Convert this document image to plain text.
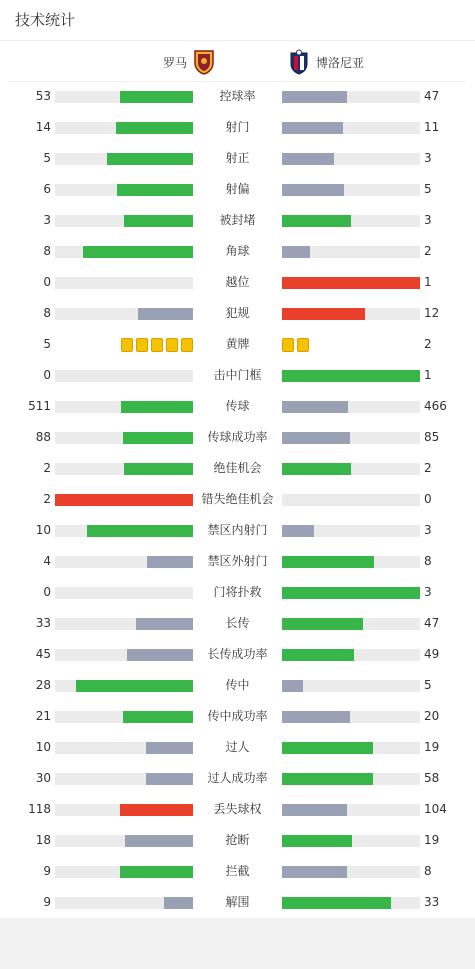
技术统计
罗马	博洛尼亚
53	控球率	47
14	射门	11
5	射正	3
6	射偏	5
3	被封堵	3
8	角球	2
0	越位	1
8	犯规	12
5	黄牌	2
0	击中门框	1
511	传球	466
88	传球成功率	85
2	绝佳机会	2
2	错失绝佳机会	0
10	禁区内射门	3
4	禁区外射门	8
0	门将扑救	3
33	长传	47
45	长传成功率	49
28	传中	5
21	传中成功率	20
10	过人	19
30	过人成功率	58
118	丢失球权	104
18	抢断	19
9	拦截	8
9	解围	33
